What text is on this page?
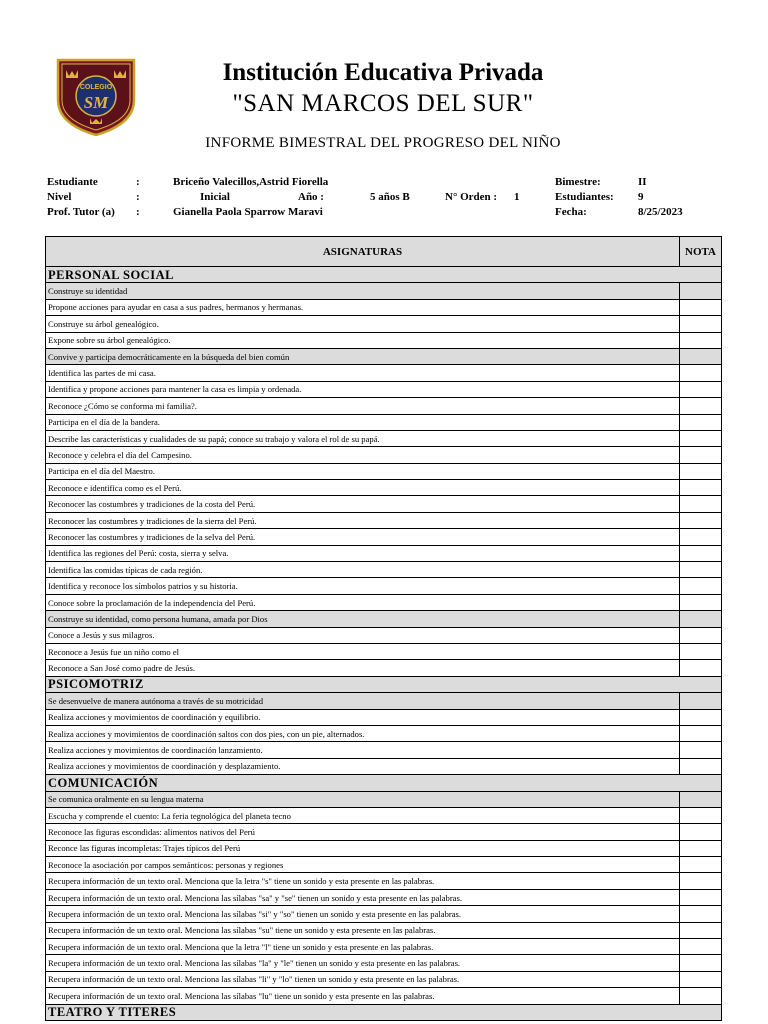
COLEGIO
SM
Institución Educativa Privada
"SAN MARCOS DEL SUR"
INFORME BIMESTRAL DEL PROGRESO DEL NIÑO
Estudiante	:	Briceño Valecillos,Astrid Fiorella	Bimestre:	II
Nivel	:	Inicial	Año :	5 años B	N° Orden : 1	Estudiantes: 9
Prof. Tutor (a) :	Gianella Paola Sparrow Maravi	Fecha:	8/25/2023
ASIGNATURAS	NOTA
PERSONAL SOCIAL	
Construye su identidad	
Propone acciones para ayudar en casa a sus padres, hermanos y hermanas.	
Construye su árbol genealógico.	
Expone sobre su árbol genealógico.	
Convive y participa democráticamente en la búsqueda del bien común	
Identifica las partes de mi casa.	
Identifica y propone acciones para mantener la casa es limpia y ordenada.	
Reconoce ¿Cómo se conforma mi familia?.	
Participa en el día de la bandera.	
Describe las características y cualidades de su papá; conoce su trabajo y valora el rol de su papá.	
Reconoce y celebra el día del Campesino.	
Participa en el día del Maestro.	
Reconoce e identifica como es el Perú.	
Reconocer las costumbres y tradiciones de la costa del Perú.	
Reconocer las costumbres y tradiciones de la sierra del Perú.	
Reconocer las costumbres y tradiciones de la selva del Perú.	
Identifica las regiones del Perú: costa, sierra y selva.	
Identifica las comidas típicas de cada región.	
Identifica y reconoce los símbolos patrios y su historia.	
Conoce sobre la proclamación de la independencia del Perú.	
Construye su identidad, como persona humana, amada por Dios	
Conoce a Jesús y sus milagros.	
Reconoce a Jesús fue un niño como el	
Reconoce a San José como padre de Jesús.	
PSICOMOTRIZ	
Se desenvuelve de manera autónoma a través de su motricidad	
Realiza acciones y movimientos de coordinación y equilibrio.	
Realiza acciones y movimientos de coordinación saltos con dos pies, con un pie, alternados.	
Realiza acciones y movimientos de coordinación lanzamiento.	
Realiza acciones y movimientos de coordinación y desplazamiento.	
COMUNICACIÓN	
Se comunica oralmente en su lengua materna	
Escucha y comprende el cuento: La feria tegnológica del planeta tecno	
Reconoce las figuras escondidas: alimentos nativos del Perú	
Reconce las figuras incompletas: Trajes típicos del Perú	
Reconoce la asociación por campos semánticos: personas y regiones	
Recupera información de un texto oral. Menciona que la letra "s" tiene un sonido y esta presente en las palabras.	
Recupera información de un texto oral. Menciona las sílabas "sa" y "se" tienen un sonido y esta presente en las palabras.	
Recupera información de un texto oral. Menciona las sílabas "si" y "so" tienen un sonido y esta presente en las palabras.	
Recupera información de un texto oral. Menciona las sílabas "su" tiene un sonido y esta presente en las palabras.	
Recupera información de un texto oral. Menciona que la letra "l" tiene un sonido y esta presente en las palabras.	
Recupera información de un texto oral. Menciona las sílabas "la" y "le" tienen un sonido y esta presente en las palabras.	
Recupera información de un texto oral. Menciona las sílabas "li" y "lo" tienen un sonido y esta presente en las palabras.	
Recupera información de un texto oral. Menciona las sílabas "lu" tiene un sonido y esta presente en las palabras.	
TEATRO Y TITERES	
